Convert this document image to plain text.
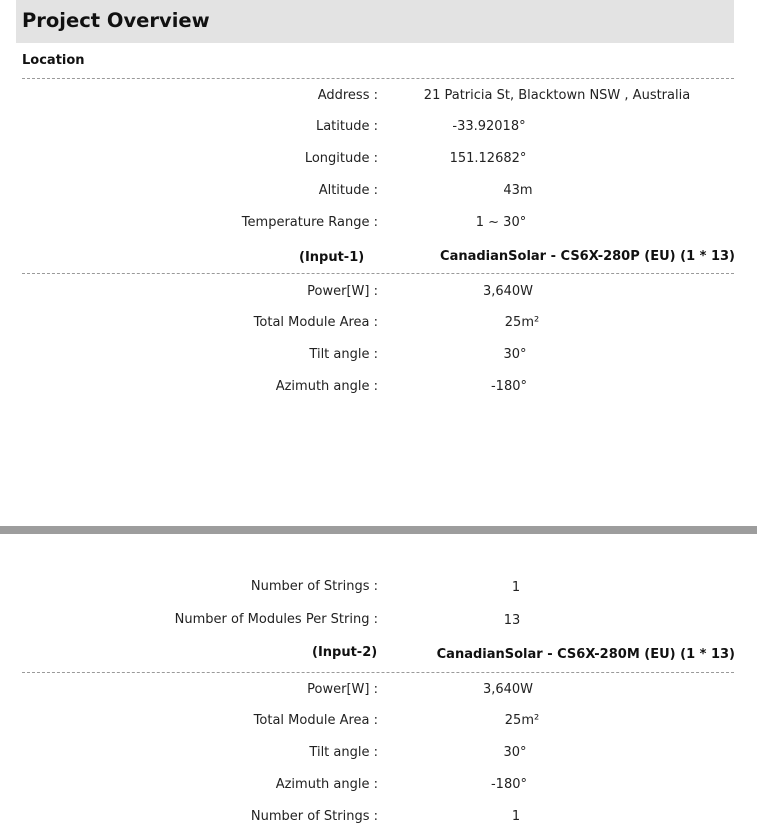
Project Overview
Location
Address :	21 Patricia St, Blacktown NSW , Australia
Latitude :	-33.92018°
Longitude :	151.12682°
Altitude :	43m
Temperature Range :	1 ~ 30°
(Input-1)	CanadianSolar - CS6X-280P (EU) (1 * 13)
Power[W] :	3,640W
Total Module Area :	25m²
Tilt angle :	30°
Azimuth angle :	-180°
Number of Strings :	1
Number of Modules Per String :	13
(Input-2)	CanadianSolar - CS6X-280M (EU) (1 * 13)
Power[W] :	3,640W
Total Module Area :	25m²
Tilt angle :	30°
Azimuth angle :	-180°
Number of Strings :	1
